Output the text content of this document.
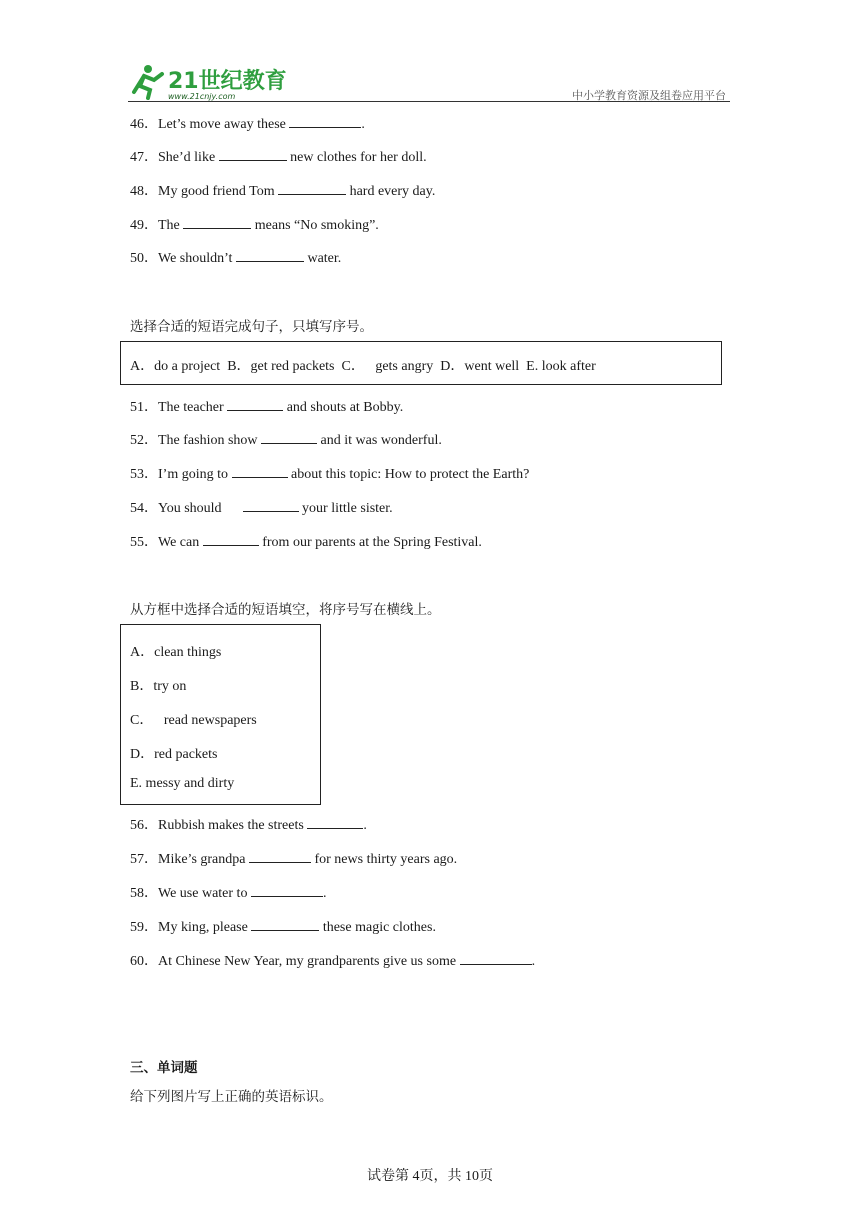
21世纪教育
www.21cnjy.com	中小学教育资源及组卷应用平台
46．Let’s move away these	.
47．She’d like	new clothes for her doll.
48．My good friend Tom	hard every day.
49．The	means “No smoking”.
50．We shouldn’t	water.
选择合适的短语完成句子，只填写序号。
A．do a project  B．get red packets  C．   gets angry  D．went well  E. look after
51．The teacher	and shouts at Bobby.
52．The fashion show	and it was wonderful.
53．I’m going to	about this topic: How to protect the Earth?
54．You should	your little sister.
55．We can	from our parents at the Spring Festival.
从方框中选择合适的短语填空，将序号写在横线上。
A．clean things
B．try on
C．   read newspapers
D．red packets
E. messy and dirty
56．Rubbish makes the streets	.
57．Mike’s grandpa	for news thirty years ago.
58．We use water to	.
59．My king, please	these magic clothes.
60．At Chinese New Year, my grandparents give us some	.
三、单词题
给下列图片写上正确的英语标识。
试卷第 4页，共 10页
